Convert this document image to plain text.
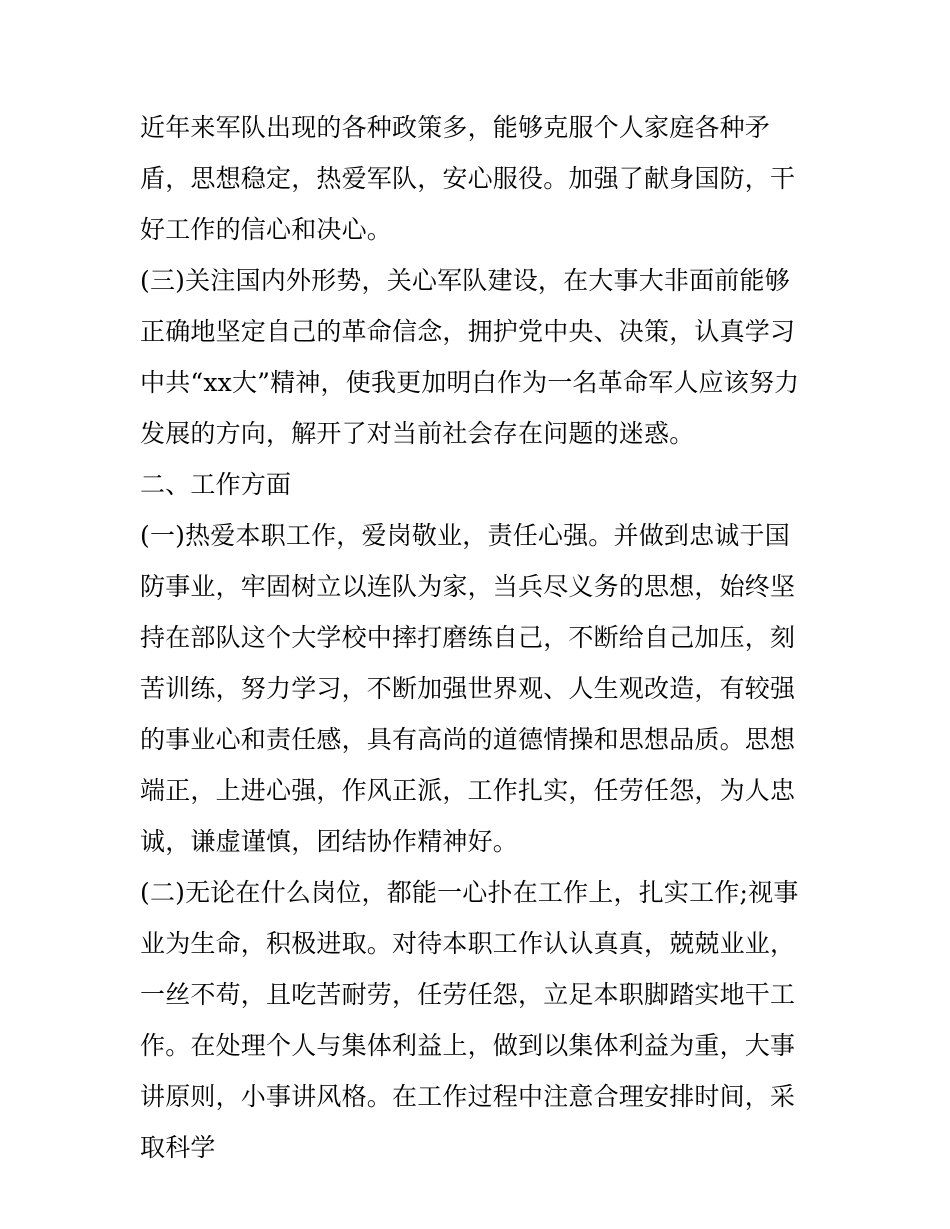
近年来军队出现的各种政策多，能够克服个人家庭各种矛盾，思想稳定，热爱军队，安心服役。加强了献身国防，干好工作的信心和决心。

(三)关注国内外形势，关心军队建设，在大事大非面前能够正确地坚定自己的革命信念，拥护党中央、决策，认真学习中共“xx大”精神，使我更加明白作为一名革命军人应该努力发展的方向，解开了对当前社会存在问题的迷惑。

二、工作方面

(一)热爱本职工作，爱岗敬业，责任心强。并做到忠诚于国防事业，牢固树立以连队为家，当兵尽义务的思想，始终坚持在部队这个大学校中摔打磨练自己，不断给自己加压，刻苦训练，努力学习，不断加强世界观、人生观改造，有较强的事业心和责任感，具有高尚的道德情操和思想品质。思想端正，上进心强，作风正派，工作扎实，任劳任怨，为人忠诚，谦虚谨慎，团结协作精神好。

(二)无论在什么岗位，都能一心扑在工作上，扎实工作;视事业为生命，积极进取。对待本职工作认认真真，兢兢业业，一丝不苟，且吃苦耐劳，任劳任怨，立足本职脚踏实地干工作。在处理个人与集体利益上，做到以集体利益为重，大事讲原则，小事讲风格。在工作过程中注意合理安排时间，采取科学
